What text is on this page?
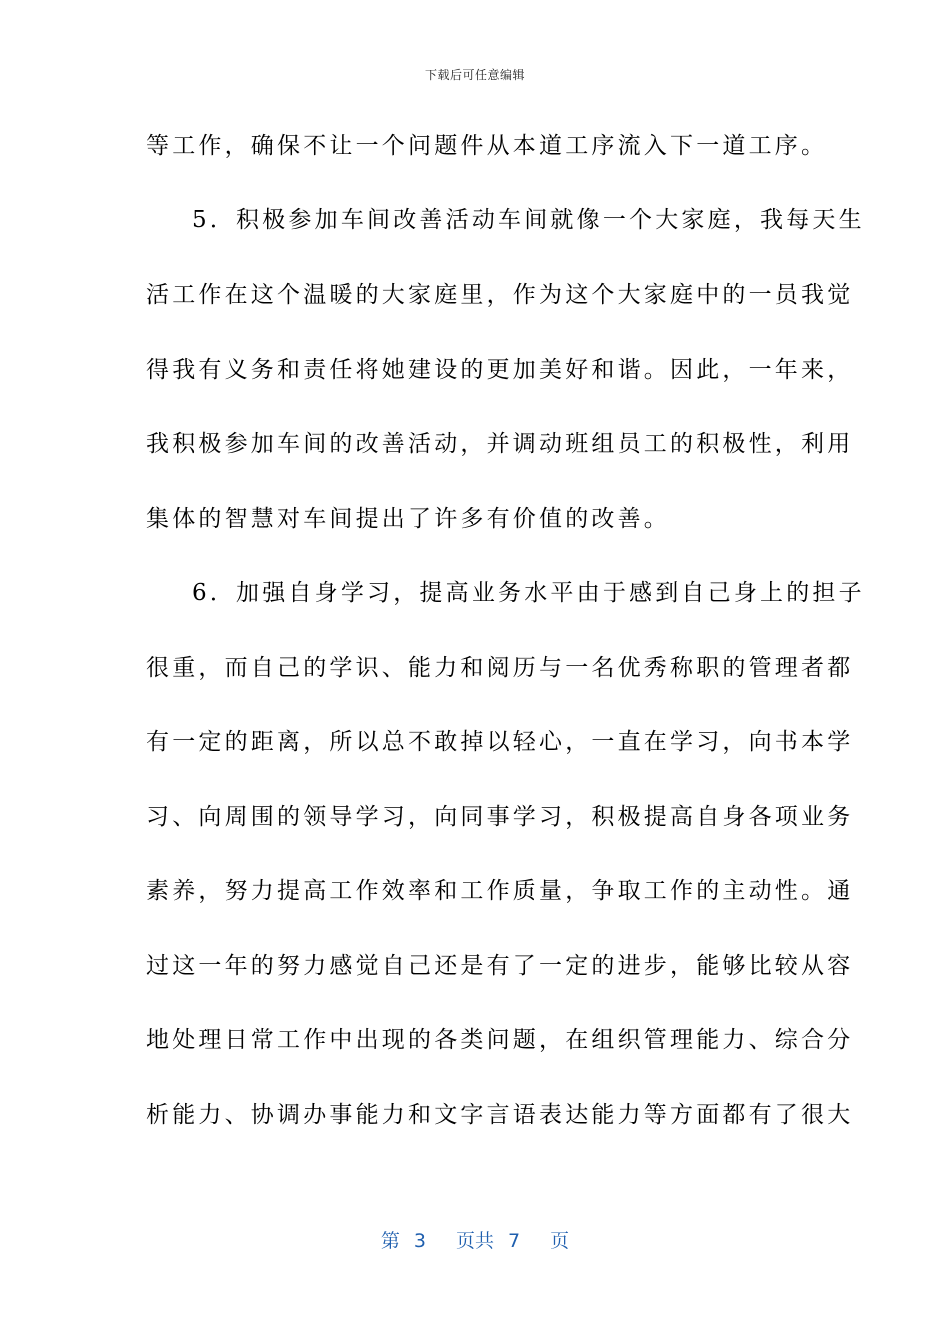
下载后可任意编辑
等工作，确保不让一个问题件从本道工序流入下一道工序。
5．积极参加车间改善活动车间就像一个大家庭，我每天生
活工作在这个温暖的大家庭里，作为这个大家庭中的一员我觉
得我有义务和责任将她建设的更加美好和谐。因此，一年来，
我积极参加车间的改善活动，并调动班组员工的积极性，利用
集体的智慧对车间提出了许多有价值的改善。
6．加强自身学习，提高业务水平由于感到自己身上的担子
很重，而自己的学识、能力和阅历与一名优秀称职的管理者都
有一定的距离，所以总不敢掉以轻心，一直在学习，向书本学
习、向周围的领导学习，向同事学习，积极提高自身各项业务
素养，努力提高工作效率和工作质量，争取工作的主动性。通
过这一年的努力感觉自己还是有了一定的进步，能够比较从容
地处理日常工作中出现的各类问题，在组织管理能力、综合分
析能力、协调办事能力和文字言语表达能力等方面都有了很大
第 3 页共 7 页
